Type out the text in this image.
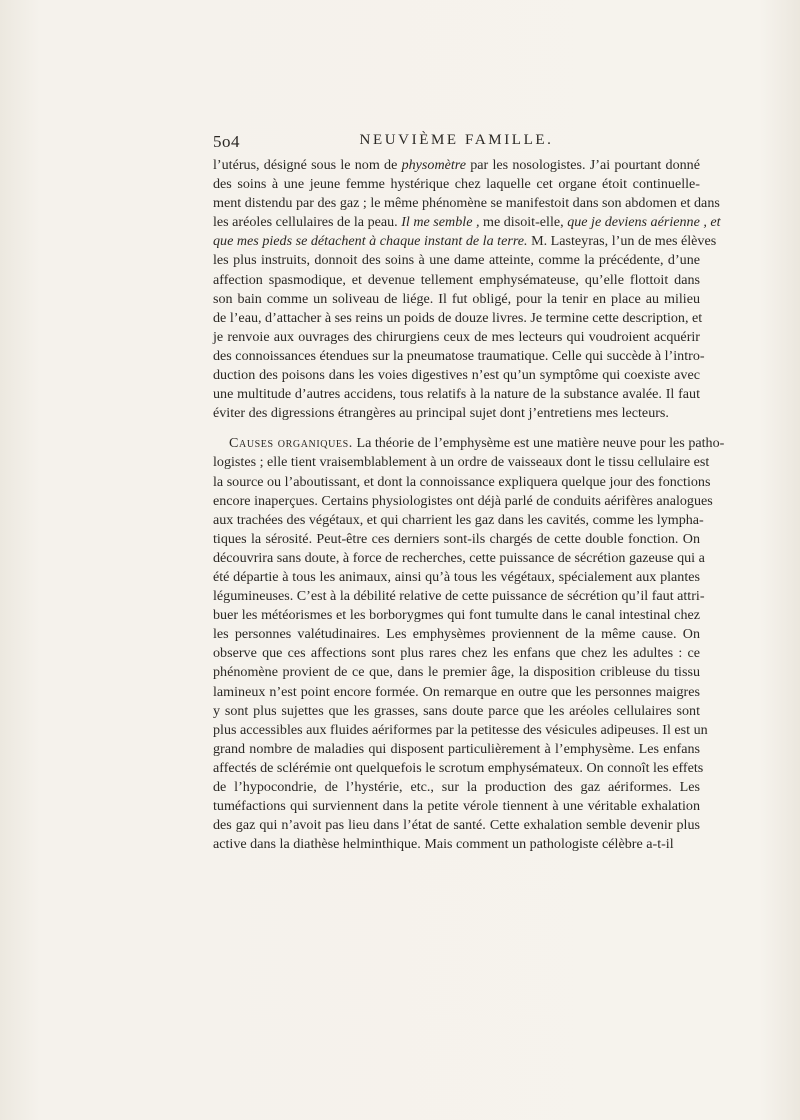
5o4	NEUVIÈME FAMILLE.
l’utérus, désigné sous le nom de physomètre par les nosologistes. J’ai pourtant donné
des soins à une jeune femme hystérique chez laquelle cet organe étoit continuelle-
ment distendu par des gaz ; le même phénomène se manifestoit dans son abdomen et dans
les aréoles cellulaires de la peau. Il me semble , me disoit-elle, que je deviens aérienne , et
que mes pieds se détachent à chaque instant de la terre. M. Lasteyras, l’un de mes élèves
les plus instruits, donnoit des soins à une dame atteinte, comme la précédente, d’une
affection spasmodique, et devenue tellement emphysémateuse, qu’elle flottoit dans
son bain comme un soliveau de liége. Il fut obligé, pour la tenir en place au milieu
de l’eau, d’attacher à ses reins un poids de douze livres. Je termine cette description, et
je renvoie aux ouvrages des chirurgiens ceux de mes lecteurs qui voudroient acquérir
des connoissances étendues sur la pneumatose traumatique. Celle qui succède à l’intro-
duction des poisons dans les voies digestives n’est qu’un symptôme qui coexiste avec
une multitude d’autres accidens, tous relatifs à la nature de la substance avalée. Il faut
éviter des digressions étrangères au principal sujet dont j’entretiens mes lecteurs.
Causes organiques. La théorie de l’emphysème est une matière neuve pour les patho-
logistes ; elle tient vraisemblablement à un ordre de vaisseaux dont le tissu cellulaire est
la source ou l’aboutissant, et dont la connoissance expliquera quelque jour des fonctions
encore inaperçues. Certains physiologistes ont déjà parlé de conduits aérifères analogues
aux trachées des végétaux, et qui charrient les gaz dans les cavités, comme les lympha-
tiques la sérosité. Peut-être ces derniers sont-ils chargés de cette double fonction. On
découvrira sans doute, à force de recherches, cette puissance de sécrétion gazeuse qui a
été départie à tous les animaux, ainsi qu’à tous les végétaux, spécialement aux plantes
légumineuses. C’est à la débilité relative de cette puissance de sécrétion qu’il faut attri-
buer les météorismes et les borborygmes qui font tumulte dans le canal intestinal chez
les personnes valétudinaires. Les emphysèmes proviennent de la même cause. On
observe que ces affections sont plus rares chez les enfans que chez les adultes : ce
phénomène provient de ce que, dans le premier âge, la disposition cribleuse du tissu
lamineux n’est point encore formée. On remarque en outre que les personnes maigres
y sont plus sujettes que les grasses, sans doute parce que les aréoles cellulaires sont
plus accessibles aux fluides aériformes par la petitesse des vésicules adipeuses. Il est un
grand nombre de maladies qui disposent particulièrement à l’emphysème. Les enfans
affectés de sclérémie ont quelquefois le scrotum emphysémateux. On connoît les effets
de l’hypocondrie, de l’hystérie, etc., sur la production des gaz aériformes. Les
tuméfactions qui surviennent dans la petite vérole tiennent à une véritable exhalation
des gaz qui n’avoit pas lieu dans l’état de santé. Cette exhalation semble devenir plus
active dans la diathèse helminthique. Mais comment un pathologiste célèbre a-t-il
